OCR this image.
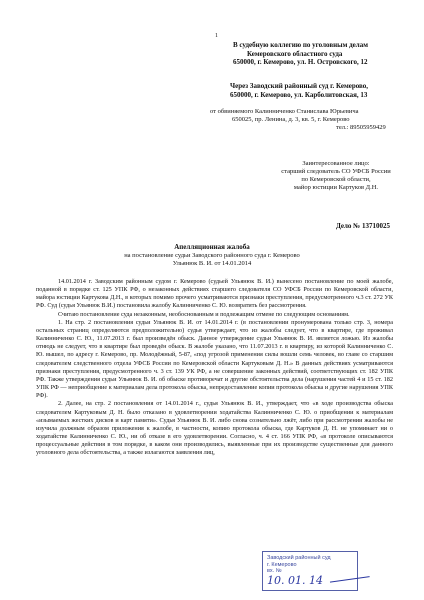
1
В судебную коллегию по уголовным делам
Кемеровского областного суда
650000, г. Кемерово, ул. Н. Островского, 12
Через Заводский районный суд г. Кемерово,
650000, г. Кемерово, ул. Карболитовская, 13
от обвиняемого Калинниченко Станислава Юрьевича
650025, пр. Ленина, д. 3, кв. 5, г. Кемерово
тел.: 89505959429
Заинтересованное лицо:
старший следователь СО УФСБ России
по Кемеровской области,
майор юстиции Картуков Д.Н.
Дело № 13710025
Апелляционная жалоба
на постановление судьи Заводского районного суда г. Кемерово
Ульянюк В. И. от 14.01.2014

14.01.2014 г. Заводским районным судом г. Кемерово (судьей Ульянюк В. И.) вынесено постановление по моей жалобе, поданной в порядке ст. 125 УПК РФ, о незаконных действиях старшего следователя СО УФСБ России по Кемеровской области, майора юстиции Картукова Д.Н., в которых помимо прочего усматриваются признаки преступления, предусмотренного ч.3 ст. 272 УК РФ. Суд (судья Ульянюк В.И.) постановила жалобу Калинниченко С. Ю. возвратить без рассмотрения.

Считаю постановление суда незаконным, необоснованным и подлежащим отмене по следующим основаниям.

1. На стр. 2 постановления судьи Ульянюк В. И. от 14.01.2014 г. (в постановлении пронумерована только стр. 3, номера остальных страниц определяются предположительно) судья утверждает, что из жалобы следует, что в квартире, где проживал Калинниченко С. Ю., 11.07.2013 г. был произведён обыск. Данное утверждение судьи Ульянюк В. И. является ложью. Из жалобы отнюдь не следует, что в квартире был проведён обыск. В жалобе указано, что 11.07.2013 г. в квартиру, из которой Калинниченко С. Ю. вышел, по адресу г. Кемерово, пр. Молодёжный, 5-87, «под угрозой применения силы вошли семь человек, во главе со старшим следователем следственного отдела УФСБ России по Кемеровской области Картуковым Д. Н.» В данных действиях усматриваются признаки преступления, предусмотренного ч. 3 ст. 139 УК РФ, а не совершение законных действий, соответствующих ст. 182 УПК РФ. Также утверждения судьи Ульянюк В. И. об обыске противоречат и другие обстоятельства дела (нарушения частей 4 и 15 ст. 182 УПК РФ — неприобщение к материалам дела протокола обыска, непредоставление копии протокола обыска и другие нарушения УПК РФ).

2. Далее, на стр. 2 постановления от 14.01.2014 г., судья Ульянюк В. И., утверждает, что «в ходе производства обыска следователем Картуковым Д. Н. было отказано в удовлетворении ходатайства Калинниченко С. Ю. о приобщении к материалам «изымаемых жестких дисков и карт памяти». Судья Ульянюк В. И. либо снова сознательно лжёт, либо при рассмотрении жалобы не изучила должным образом приложения к жалобе, в частности, копию протокола обыска, где Картуков Д. Н. не упоминает ни о ходатайстве Калинниченко С. Ю., ни об отказе в его удовлетворении. Согласно, ч. 4 ст. 166 УПК РФ, «в протоколе описываются процессуальные действия в том порядке, в каком они производились, выявленные при их производстве существенные для данного уголовного дела обстоятельства, а также излагаются заявления лиц,

Заводский районный суд
г. Кемерово
вх. №
10. 01. 14
